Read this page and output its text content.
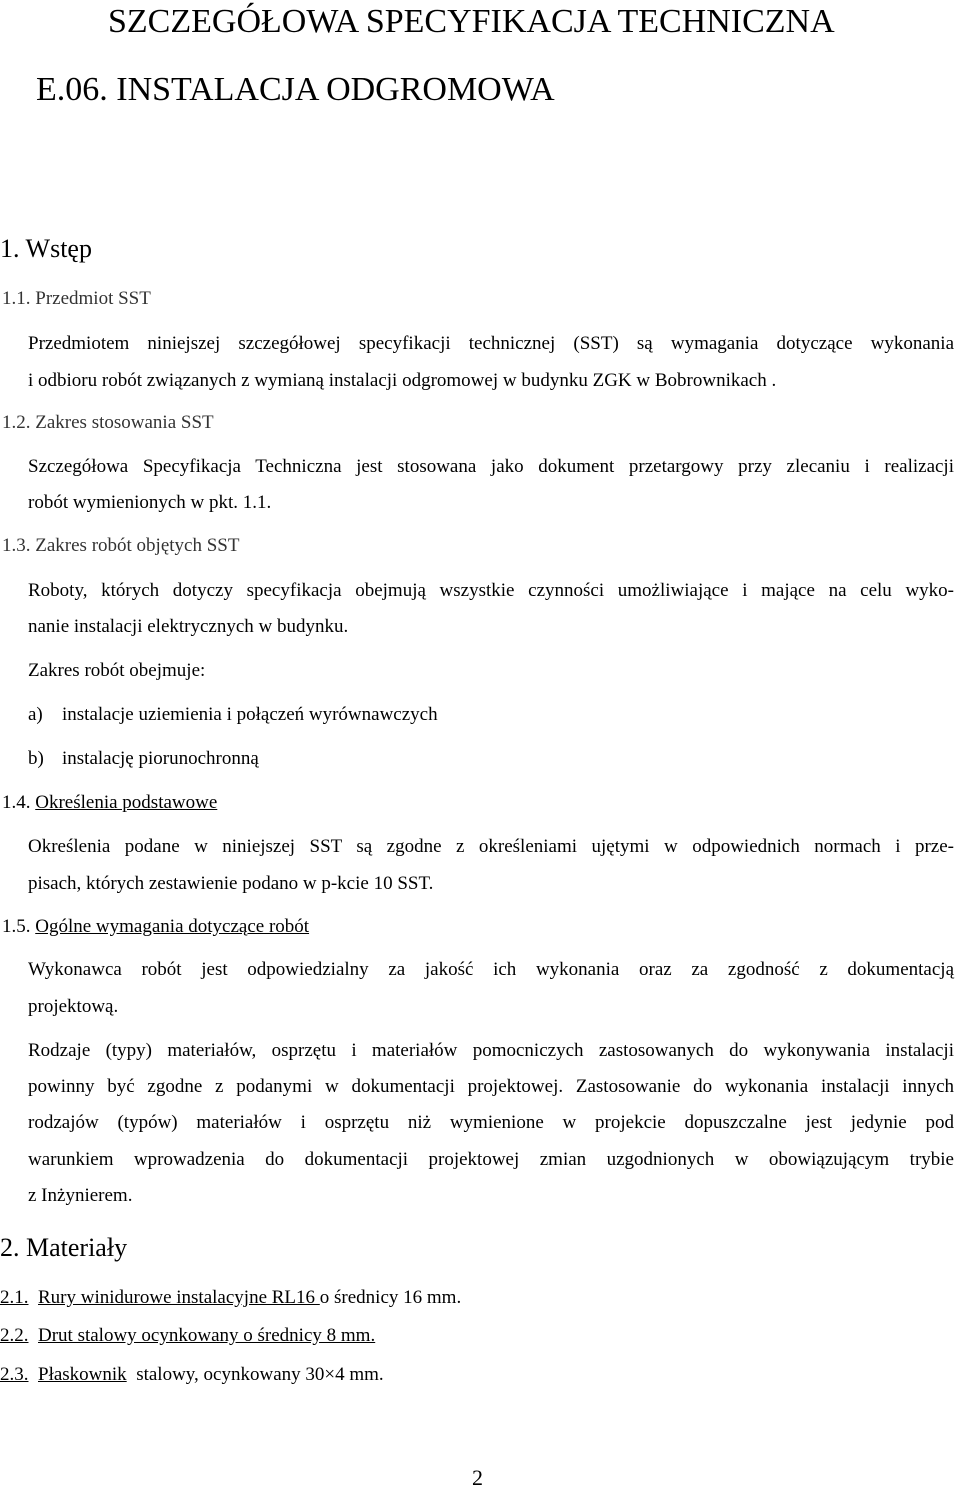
SZCZEGÓŁOWA SPECYFIKACJA TECHNICZNA
E.06. INSTALACJA ODGROMOWA
1. Wstęp
1.1. Przedmiot SST
Przedmiotem niniejszej szczegółowej specyfikacji technicznej (SST) są wymagania dotyczące wykonania
i odbioru robót związanych z wymianą instalacji odgromowej w budynku ZGK w Bobrownikach .
1.2. Zakres stosowania SST
Szczegółowa Specyfikacja Techniczna jest stosowana jako dokument przetargowy przy zlecaniu i realizacji
robót wymienionych w pkt. 1.1.
1.3. Zakres robót objętych SST
Roboty, których dotyczy specyfikacja obejmują wszystkie czynności umożliwiające i mające na celu wyko-
nanie instalacji elektrycznych w budynku.
Zakres robót obejmuje:
a) instalacje uziemienia i połączeń wyrównawczych
b) instalację piorunochronną
1.4. Określenia podstawowe
Określenia podane w niniejszej SST są zgodne z określeniami ujętymi w odpowiednich normach i prze-
pisach, których zestawienie podano w p-kcie 10 SST.
1.5. Ogólne wymagania dotyczące robót
Wykonawca robót jest odpowiedzialny za jakość ich wykonania oraz za zgodność z dokumentacją
projektową.
Rodzaje (typy) materiałów, osprzętu i materiałów pomocniczych zastosowanych do wykonywania instalacji
powinny być zgodne z podanymi w dokumentacji projektowej. Zastosowanie do wykonania instalacji innych
rodzajów (typów) materiałów i osprzętu niż wymienione w projekcie dopuszczalne jest jedynie pod
warunkiem wprowadzenia do dokumentacji projektowej zmian uzgodnionych w obowiązującym trybie
z Inżynierem.
2. Materiały
2.1. Rury winidurowe instalacyjne RL16 o średnicy 16 mm.
2.2. Drut stalowy ocynkowany o średnicy 8 mm.
2.3. Płaskownik  stalowy, ocynkowany 30×4 mm.
2
